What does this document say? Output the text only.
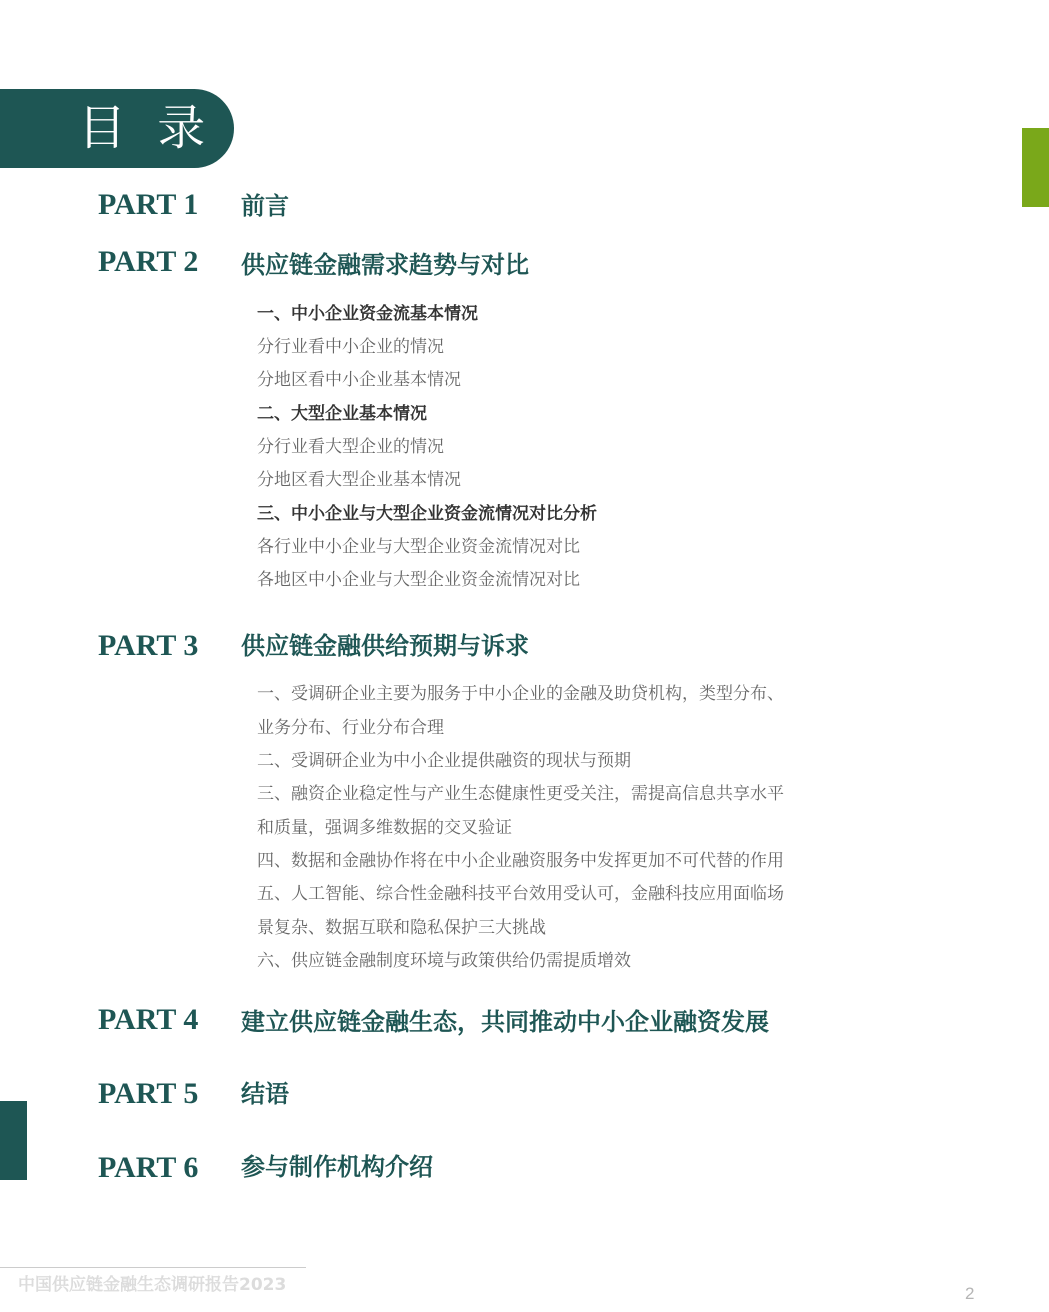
目 录
PART 1 前言
PART 2 供应链金融需求趋势与对比
一、中小企业资金流基本情况
分行业看中小企业的情况
分地区看中小企业基本情况
二、大型企业基本情况
分行业看大型企业的情况
分地区看大型企业基本情况
三、中小企业与大型企业资金流情况对比分析
各行业中小企业与大型企业资金流情况对比
各地区中小企业与大型企业资金流情况对比
PART 3 供应链金融供给预期与诉求
一、受调研企业主要为服务于中小企业的金融及助贷机构，类型分布、
业务分布、行业分布合理
二、受调研企业为中小企业提供融资的现状与预期
三、融资企业稳定性与产业生态健康性更受关注，需提高信息共享水平
和质量，强调多维数据的交叉验证
四、数据和金融协作将在中小企业融资服务中发挥更加不可代替的作用
五、人工智能、综合性金融科技平台效用受认可，金融科技应用面临场
景复杂、数据互联和隐私保护三大挑战
六、供应链金融制度环境与政策供给仍需提质增效
PART 4 建立供应链金融生态，共同推动中小企业融资发展
PART 5 结语
PART 6 参与制作机构介绍
中国供应链金融生态调研报告2023	2
